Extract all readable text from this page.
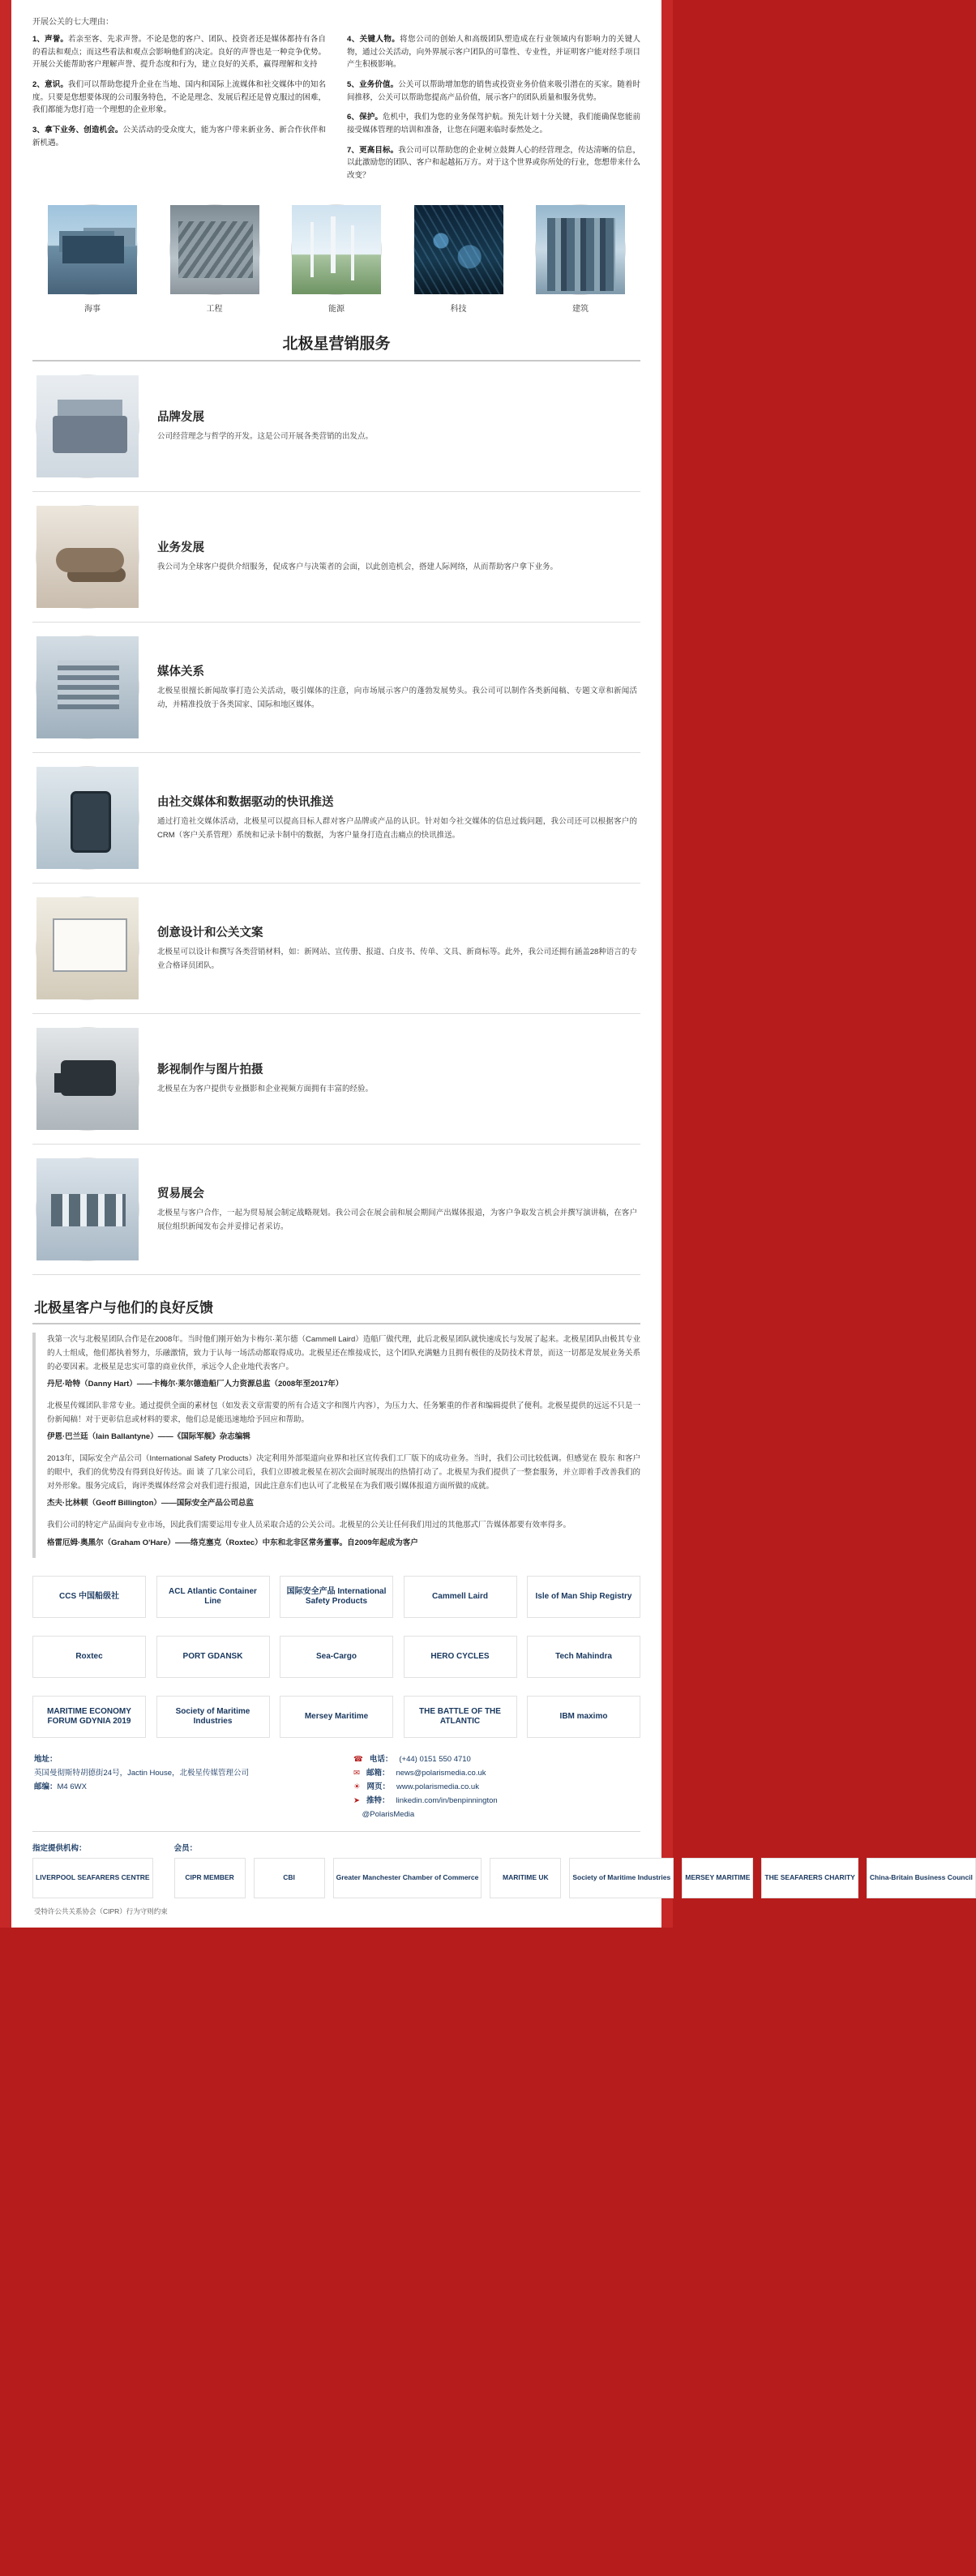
开展公关的七大理由：
1、声誉。若亲至客、先求声誉。不论是您的客户、团队、投资者还是媒体都持有各自的看法和观点；而这些看法和观点会影响他们的决定。良好的声誉也是一种竞争优势。开展公关能帮助客户理解声誉、提升态度和行为，建立良好的关系，赢得理解和支持
2、意识。我们可以帮助您提升企业在当地、国内和国际上流媒体和社交媒体中的知名度。只要是您想要体现的公司服务特色，不论是理念、发展后程还是曾克服过的困难，我们都能为您打造一个理想的企业形象。
3、拿下业务、创造机会。公关活动的受众度大，能为客户带来新业务、新合作伙伴和新机遇。
4、关键人物。将您公司的创始人和高级团队塑造成在行业领域内有影响力的关键人物，通过公关活动，向外界展示客户团队的可靠性、专业性，并证明客户能对经手项目产生积极影响。
5、业务价值。公关可以帮助增加您的销售或投资业务价值来吸引潜在的买家。随着时间推移，公关可以帮助您提高产品价值，展示客户的团队质量和服务优势。
6、保护。危机中，我们为您的业务保驾护航。预先计划十分关键，我们能确保您能前接受媒体管理的培训和准备，让您在问题来临时泰然处之。
7、更高目标。我公司可以帮助您的企业树立鼓舞人心的经营理念，传达清晰的信息，以此激励您的团队、客户和起越拓万方。对于这个世界或你所处的行业，您想带来什么改变？
海事	工程	能源	科技	建筑
北极星营销服务
品牌发展
公司经营理念与哲学的开发。这是公司开展各类营销的出发点。
业务发展
我公司为全球客户提供介绍服务，促成客户与决策者的会面，以此创造机会，搭建人际网络，从而帮助客户拿下业务。
媒体关系
北极星很擅长新闻故事打造公关活动，吸引媒体的注意，向市场展示客户的蓬勃发展势头。我公司可以制作各类新闻稿、专题文章和新闻活动，并精准投放于各类国家、国际和地区媒体。
由社交媒体和数据驱动的快讯推送
通过打造社交媒体活动，北极星可以提高目标人群对客户品牌或产品的认识。针对如今社交媒体的信息过载问题，我公司还可以根据客户的CRM（客户关系管理）系统和记录卡制中的数据，为客户量身打造直击痛点的快讯推送。
创意设计和公关文案
北极星可以设计和撰写各类营销材料，如：新网站、宣传册、报道、白皮书、传单、文具、新商标等。此外，我公司还拥有涵盖28种语言的专业合格译员团队。
影视制作与图片拍摄
北极星在为客户提供专业摄影和企业视频方面拥有丰富的经验。
贸易展会
北极星与客户合作，一起为贸易展会制定战略规划。我公司会在展会前和展会期间产出媒体报道，为客户争取发言机会并撰写演讲稿，在客户展位组织新闻发布会并妥排记者采访。
北极星客户与他们的良好反馈
我第一次与北极星团队合作是在2008年。当时他们刚开始为卡梅尔·莱尔德（Cammell Laird）造船厂做代理，此后北极星团队就快速成长与发展了起来。北极星团队由极其专业的人士组成，他们都执着努力，乐融激情，致力于认每一场活动都取得成功。北极星还在维接成长，这个团队充满魅力且拥有极佳的及防技术背景，而这一切都是发展业务关系的必要因素。北极星是忠实可靠的商业伙伴，承远令人企业地代表客户。
丹尼·哈特（Danny Hart）——卡梅尔·莱尔德造船厂人力资源总监（2008年至2017年）
北极星传媒团队非常专业。通过提供全面的素材包（如发表文章需要的所有合适文字和图片内容），为压力大、任务繁重的作者和编辑提供了便利。北极星提供的远远不只是一份新闻稿！对于更彰信息或材料的要求，他们总是能迅速地给予回应和帮助。
伊恩·巴兰廷（Iain Ballantyne）——《国际军舰》杂志编辑
2013年，国际安全产品公司（International Safety Products）决定利用外部渠道向业界和社区宣传我们工厂版下的成功业务。当时，我们公司比较低调。但感觉在 股东 和客户的眼中，我们的优势没有得到良好传达。面 谈 了几家公司后，我们立即被北极星在初次会面时展现出的热情打动了。北极星为我们提供了一整套服务，并立即着手改善我们的对外形象。服务完成后，询评类媒体经常会对我们进行报道，因此注意东们也认可了北极星在为我们吸引媒体报道方面所做的成就。
杰夫·比林顿（Geoff Billington）——国际安全产品公司总监
我们公司的特定产品面向专业市场，因此我们需要运用专业人员采取合适的公关公司。北极星的公关让任何我们用过的其他那式厂告媒体都要有效率得多。
格雷厄姆·奥黑尔（Graham O'Hare）——络克塞克（Roxtec）中东和北非区常务董事。自2009年起成为客户
CCS 中国船级社
ACL Atlantic Container Line
国际安全产品 International Safety Products
Cammell Laird	Isle of Man Ship Registry
Roxtec	PORT GDANSK	Sea-Cargo	HERO CYCLES	Tech Mahindra
MARITIME ECONOMY FORUM GDYNIA 2019
Society of Maritime Industries
Mersey Maritime
THE BATTLE OF THE ATLANTIC
IBM maximo
地址：
英国曼彻斯特胡德街24号，Jactin House，北极星传媒管理公司
邮编：M4 6WX
☎ 电话： (+44) 0151 550 4710
✉ 邮箱： news@polarismedia.co.uk
☀ 网页： www.polarismedia.co.uk
➤ 推特： linkedin.com/in/benpinnington

@PolarisMedia
指定提供机构：
LIVERPOOL SEAFARERS CENTRE
会员：
CIPR MEMBER	CBI	Greater Manchester Chamber of Commerce	MARITIME UK	Society of Maritime Industries	MERSEY MARITIME	THE SEAFARERS CHARITY	China-Britain Business Council
受特许公共关系协会（CIPR）行为守则约束
